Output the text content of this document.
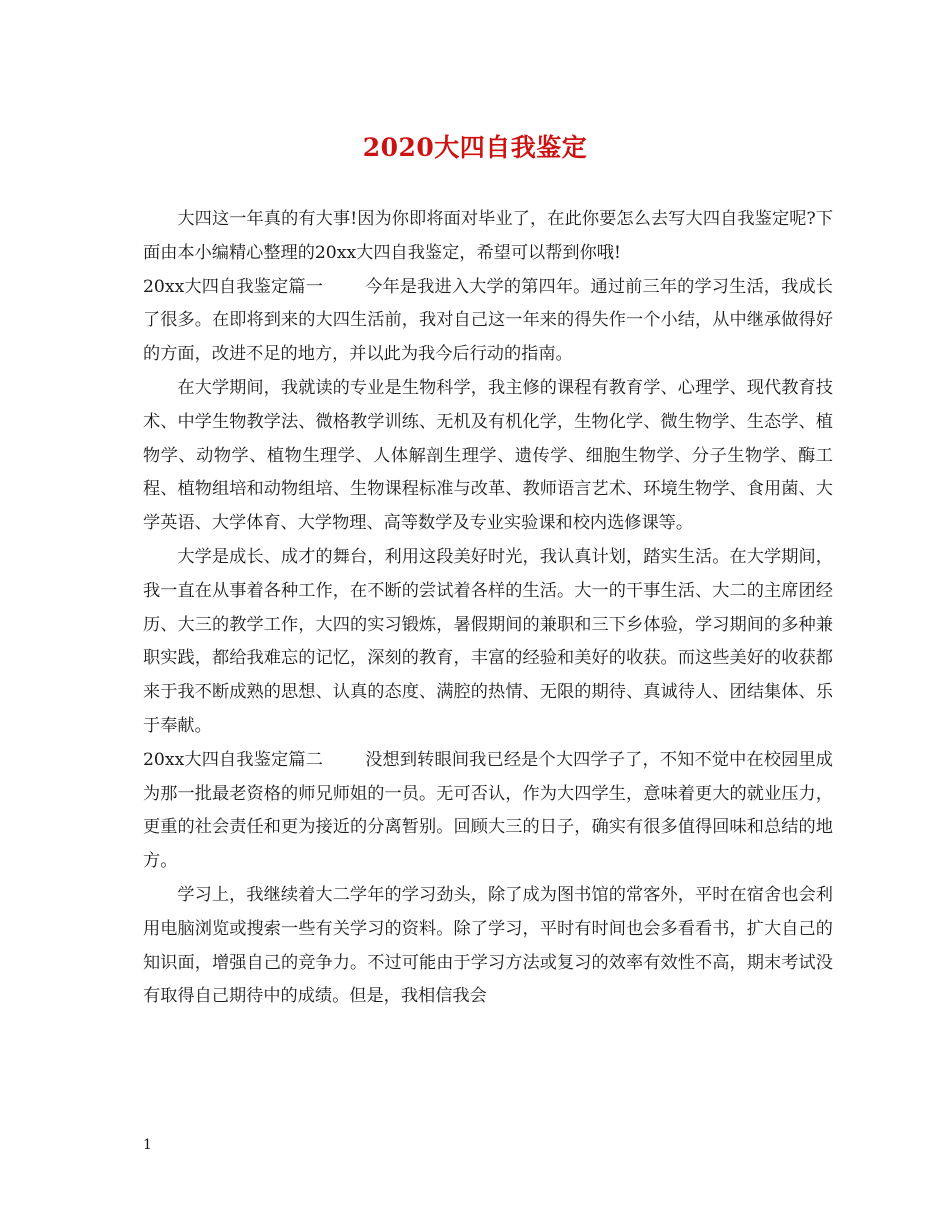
2020大四自我鉴定

大四这一年真的有大事!因为你即将面对毕业了，在此你要怎么去写大四自我鉴定呢?下面由本小编精心整理的20xx大四自我鉴定，希望可以帮到你哦!

20xx大四自我鉴定篇一 今年是我进入大学的第四年。通过前三年的学习生活，我成长了很多。在即将到来的大四生活前，我对自己这一年来的得失作一个小结，从中继承做得好的方面，改进不足的地方，并以此为我今后行动的指南。

在大学期间，我就读的专业是生物科学，我主修的课程有教育学、心理学、现代教育技术、中学生物教学法、微格教学训练、无机及有机化学，生物化学、微生物学、生态学、植物学、动物学、植物生理学、人体解剖生理学、遗传学、细胞生物学、分子生物学、酶工程、植物组培和动物组培、生物课程标准与改革、教师语言艺术、环境生物学、食用菌、大学英语、大学体育、大学物理、高等数学及专业实验课和校内选修课等。

大学是成长、成才的舞台，利用这段美好时光，我认真计划，踏实生活。在大学期间，我一直在从事着各种工作，在不断的尝试着各样的生活。大一的干事生活、大二的主席团经历、大三的教学工作，大四的实习锻炼，暑假期间的兼职和三下乡体验，学习期间的多种兼职实践，都给我难忘的记忆，深刻的教育，丰富的经验和美好的收获。而这些美好的收获都来于我不断成熟的思想、认真的态度、满腔的热情、无限的期待、真诚待人、团结集体、乐于奉献。

20xx大四自我鉴定篇二 没想到转眼间我已经是个大四学子了，不知不觉中在校园里成为那一批最老资格的师兄师姐的一员。无可否认，作为大四学生，意味着更大的就业压力，更重的社会责任和更为接近的分离暂别。回顾大三的日子，确实有很多值得回味和总结的地方。

学习上，我继续着大二学年的学习劲头，除了成为图书馆的常客外，平时在宿舍也会利用电脑浏览或搜索一些有关学习的资料。除了学习，平时有时间也会多看看书，扩大自己的知识面，增强自己的竞争力。不过可能由于学习方法或复习的效率有效性不高，期末考试没有取得自己期待中的成绩。但是，我相信我会

1
